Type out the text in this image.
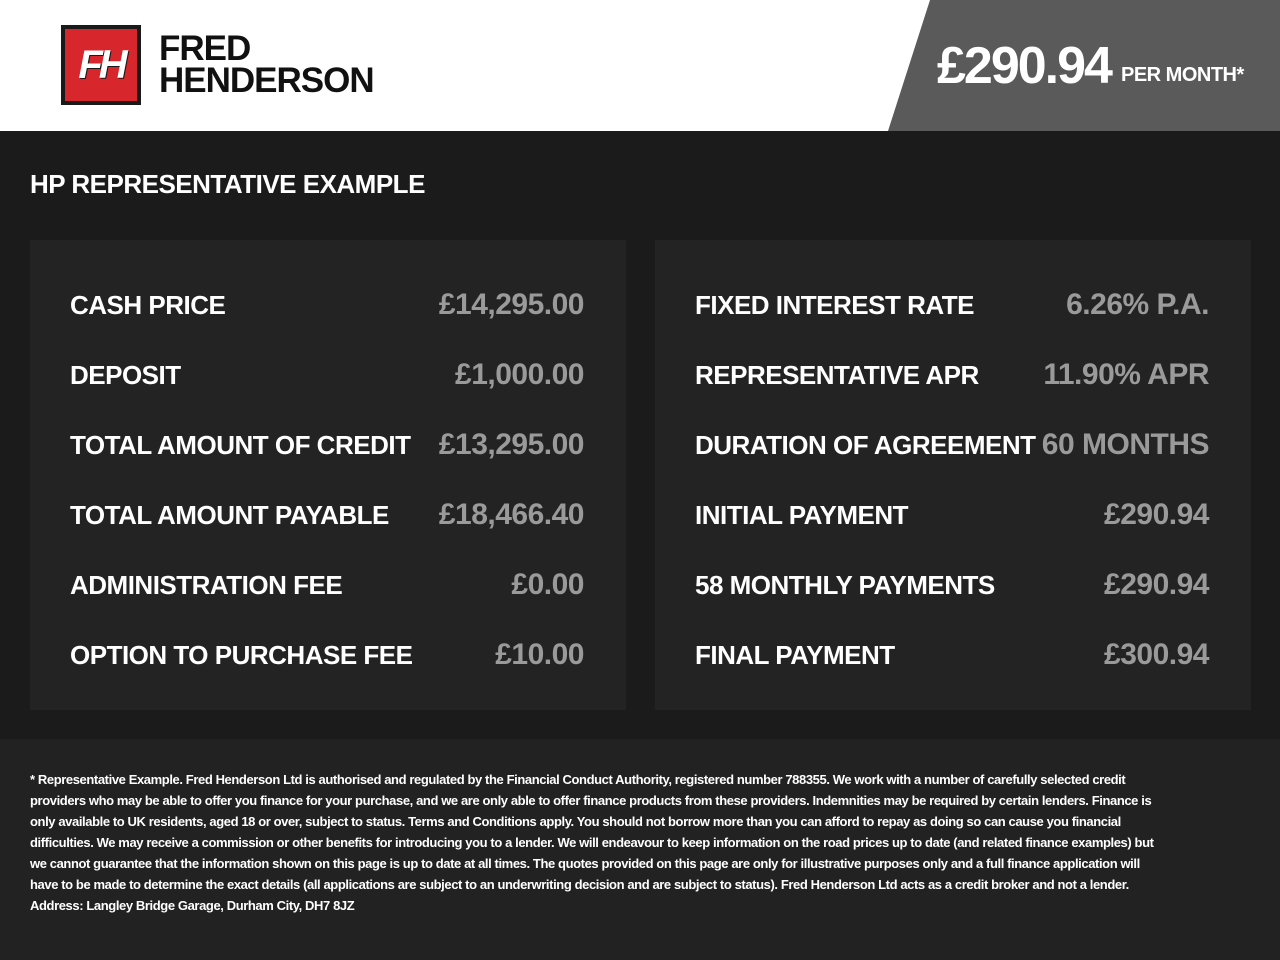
FH FRED
HENDERSON	£290.94 PER MONTH*
HP REPRESENTATIVE EXAMPLE
CASH PRICE	£14,295.00
DEPOSIT	£1,000.00
TOTAL AMOUNT OF CREDIT £13,295.00
TOTAL AMOUNT PAYABLE £18,466.40
ADMINISTRATION FEE	£0.00
OPTION TO PURCHASE FEE	£10.00
FIXED INTEREST RATE	6.26% P.A.
REPRESENTATIVE APR 11.90% APR
DURATION OF AGREEMENT 60 MONTHS
INITIAL PAYMENT	£290.94
58 MONTHLY PAYMENTS	£290.94
FINAL PAYMENT	£300.94
* Representative Example. Fred Henderson Ltd is authorised and regulated by the Financial Conduct Authority, registered number 788355. We work with a number of carefully selected credit providers who may be able to offer you finance for your purchase, and we are only able to offer finance products from these providers. Indemnities may be required by certain lenders. Finance is only available to UK residents, aged 18 or over, subject to status. Terms and Conditions apply. You should not borrow more than you can afford to repay as doing so can cause you financial difficulties. We may receive a commission or other benefits for introducing you to a lender. We will endeavour to keep information on the road prices up to date (and related finance examples) but we cannot guarantee that the information shown on this page is up to date at all times. The quotes provided on this page are only for illustrative purposes only and a full finance application will have to be made to determine the exact details (all applications are subject to an underwriting decision and are subject to status). Fred Henderson Ltd acts as a credit broker and not a lender. Address: Langley Bridge Garage, Durham City, DH7 8JZ
